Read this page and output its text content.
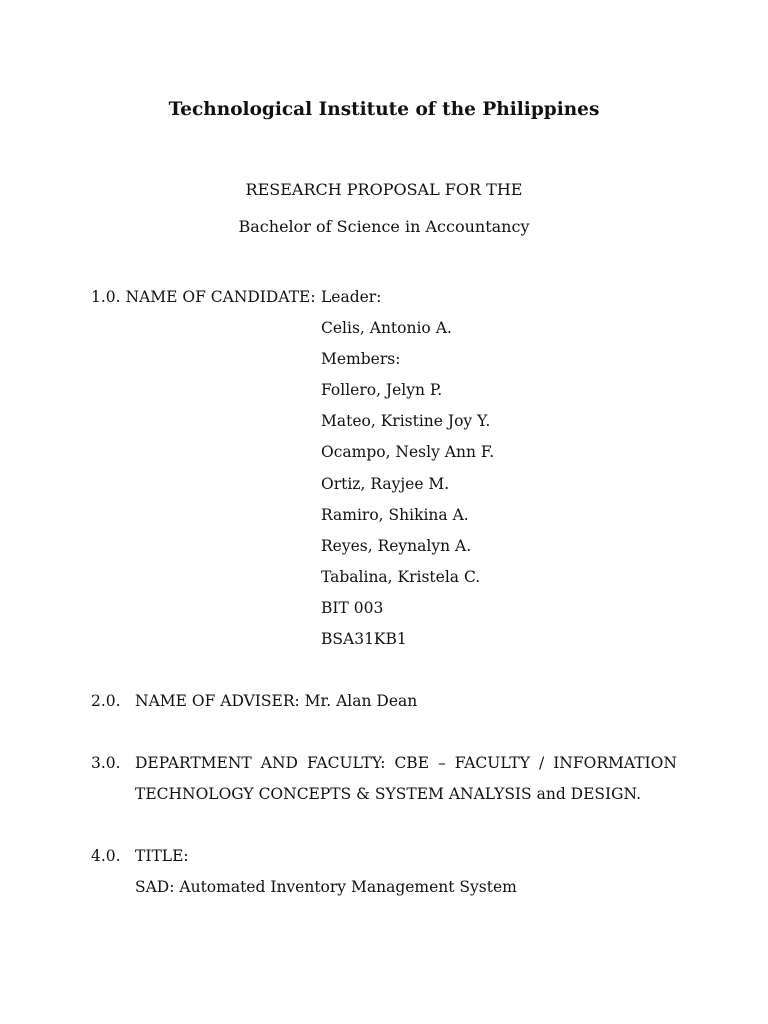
Technological Institute of the Philippines
RESEARCH PROPOSAL FOR THE
Bachelor of Science in Accountancy
1.0. NAME OF CANDIDATE: Leader:
Celis, Antonio A.
Members:
Follero, Jelyn P.
Mateo, Kristine Joy Y.
Ocampo, Nesly Ann F.
Ortiz, Rayjee M.
Ramiro, Shikina A.
Reyes, Reynalyn A.
Tabalina, Kristela C.
BIT 003
BSA31KB1
2.0. NAME OF ADVISER: Mr. Alan Dean
3.0. DEPARTMENT AND FACULTY: CBE – FACULTY / INFORMATION
TECHNOLOGY CONCEPTS & SYSTEM ANALYSIS and DESIGN.
4.0. TITLE:
SAD: Automated Inventory Management System
